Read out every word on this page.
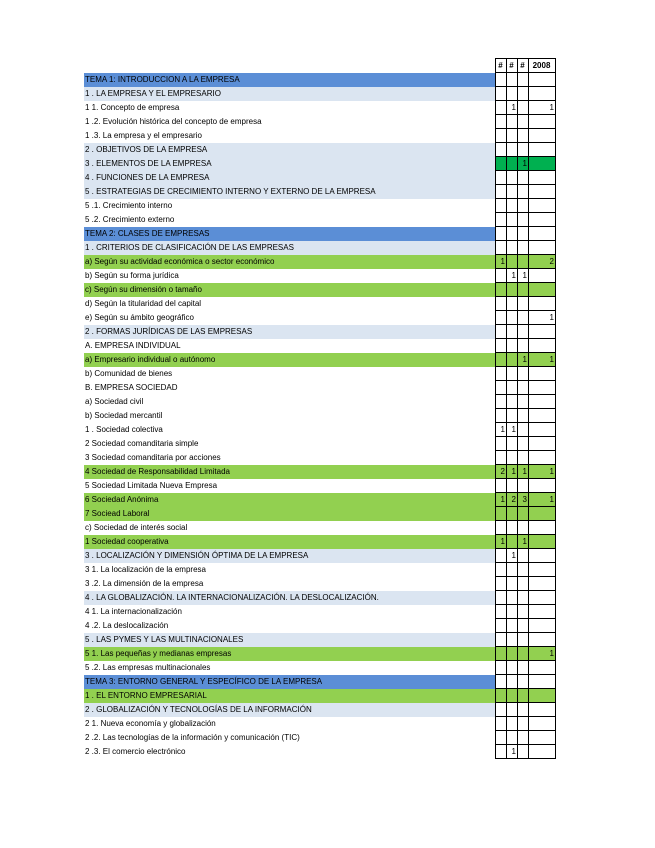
	#	#	#	2008
TEMA 1: INTRODUCCION A LA EMPRESA				
1 . LA EMPRESA Y EL EMPRESARIO				
1 1. Concepto de empresa		1		1
1 .2. Evolución histórica del concepto de empresa				
1 .3. La empresa y el empresario				
2 . OBJETIVOS DE LA EMPRESA				
3 . ELEMENTOS DE LA EMPRESA			1	
4 . FUNCIONES DE LA EMPRESA				
5 . ESTRATEGIAS DE CRECIMIENTO INTERNO Y EXTERNO DE LA EMPRESA				
5 .1. Crecimiento interno				
5 .2. Crecimiento externo				
TEMA 2: CLASES DE EMPRESAS				
1 . CRITERIOS DE CLASIFICACIÓN DE LAS EMPRESAS				
a) Según su actividad económica o sector económico	1			2
b) Según su forma jurídica		1	1	
c) Según su dimensión o tamaño				
d) Según la titularidad del capital				
e) Según su ámbito geográfico				1
2 . FORMAS JURÍDICAS DE LAS EMPRESAS				
A. EMPRESA INDIVIDUAL				
a) Empresario individual o autónomo			1	1
b) Comunidad de bienes				
B. EMPRESA SOCIEDAD				
a) Sociedad civil				
b) Sociedad mercantil				
1 . Sociedad colectiva	1	1		
2 Sociedad comanditaria simple				
3 Sociedad comanditaria por acciones				
4 Sociedad de Responsabilidad Limitada	2	1	1	1
5 Sociedad Limitada Nueva Empresa				
6 Sociedad Anónima	1	2	3	1
7 Sociead Laboral				
c) Sociedad de interés social				
1 Sociedad cooperativa	1		1	
3 . LOCALIZACIÓN Y DIMENSIÓN ÓPTIMA DE LA EMPRESA		1		
3 1. La localización de la empresa				
3 .2. La dimensión de la empresa				
4 . LA GLOBALIZACIÓN. LA INTERNACIONALIZACIÓN. LA DESLOCALIZACIÓN.				
4 1. La internacionalización				
4 .2. La deslocalización				
5 . LAS PYMES Y LAS MULTINACIONALES				
5 1. Las pequeñas y medianas empresas				1
5 .2. Las empresas multinacionales				
TEMA 3: ENTORNO GENERAL Y ESPECÍFICO DE LA EMPRESA				
1 . EL ENTORNO EMPRESARIAL				
2 . GLOBALIZACIÓN Y TECNOLOGÍAS DE LA INFORMACIÓN				
2 1. Nueva economía y globalización				
2 .2. Las tecnologías de la información y comunicación (TIC)				
2 .3. El comercio electrónico		1		
